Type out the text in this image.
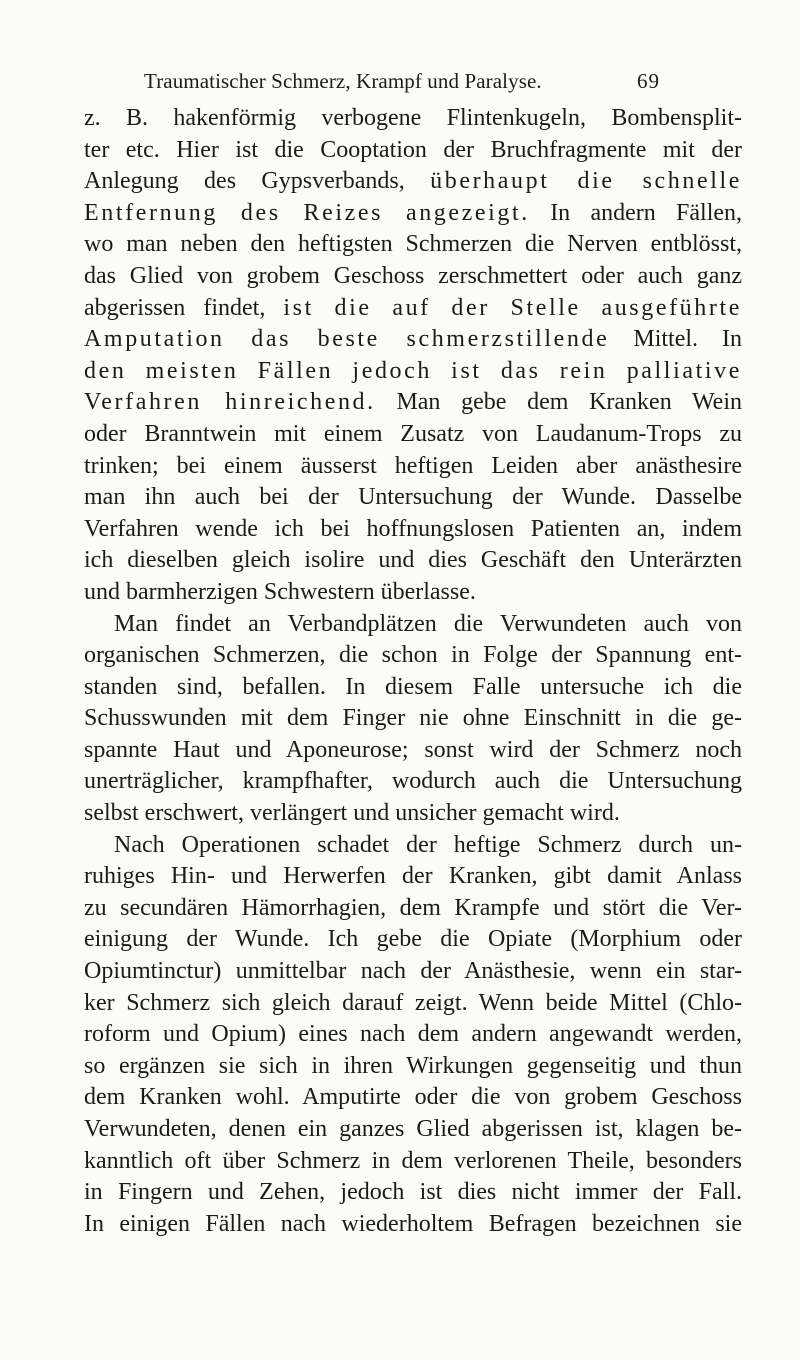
Traumatischer Schmerz, Krampf und Paralyse.	69
z. B. hakenförmig verbogene Flintenkugeln, Bombensplit-
ter etc. Hier ist die Cooptation der Bruchfragmente mit der
Anlegung des Gypsverbands, überhaupt die schnelle
Entfernung des Reizes angezeigt. In andern Fällen,
wo man neben den heftigsten Schmerzen die Nerven entblösst,
das Glied von grobem Geschoss zerschmettert oder auch ganz
abgerissen findet, ist die auf der Stelle ausgeführte
Amputation das beste schmerzstillende Mittel. In
den meisten Fällen jedoch ist das rein palliative
Verfahren hinreichend. Man gebe dem Kranken Wein
oder Branntwein mit einem Zusatz von Laudanum-Trops zu
trinken; bei einem äusserst heftigen Leiden aber anästhesire
man ihn auch bei der Untersuchung der Wunde. Dasselbe
Verfahren wende ich bei hoffnungslosen Patienten an, indem
ich dieselben gleich isolire und dies Geschäft den Unterärzten
und barmherzigen Schwestern überlasse.
Man findet an Verbandplätzen die Verwundeten auch von
organischen Schmerzen, die schon in Folge der Spannung ent-
standen sind, befallen. In diesem Falle untersuche ich die
Schusswunden mit dem Finger nie ohne Einschnitt in die ge-
spannte Haut und Aponeurose; sonst wird der Schmerz noch
unerträglicher, krampfhafter, wodurch auch die Untersuchung
selbst erschwert, verlängert und unsicher gemacht wird.
Nach Operationen schadet der heftige Schmerz durch un-
ruhiges Hin- und Herwerfen der Kranken, gibt damit Anlass
zu secundären Hämorrhagien, dem Krampfe und stört die Ver-
einigung der Wunde. Ich gebe die Opiate (Morphium oder
Opiumtinctur) unmittelbar nach der Anästhesie, wenn ein star-
ker Schmerz sich gleich darauf zeigt. Wenn beide Mittel (Chlo-
roform und Opium) eines nach dem andern angewandt werden,
so ergänzen sie sich in ihren Wirkungen gegenseitig und thun
dem Kranken wohl. Amputirte oder die von grobem Geschoss
Verwundeten, denen ein ganzes Glied abgerissen ist, klagen be-
kanntlich oft über Schmerz in dem verlorenen Theile, besonders
in Fingern und Zehen, jedoch ist dies nicht immer der Fall.
In einigen Fällen nach wiederholtem Befragen bezeichnen sie
